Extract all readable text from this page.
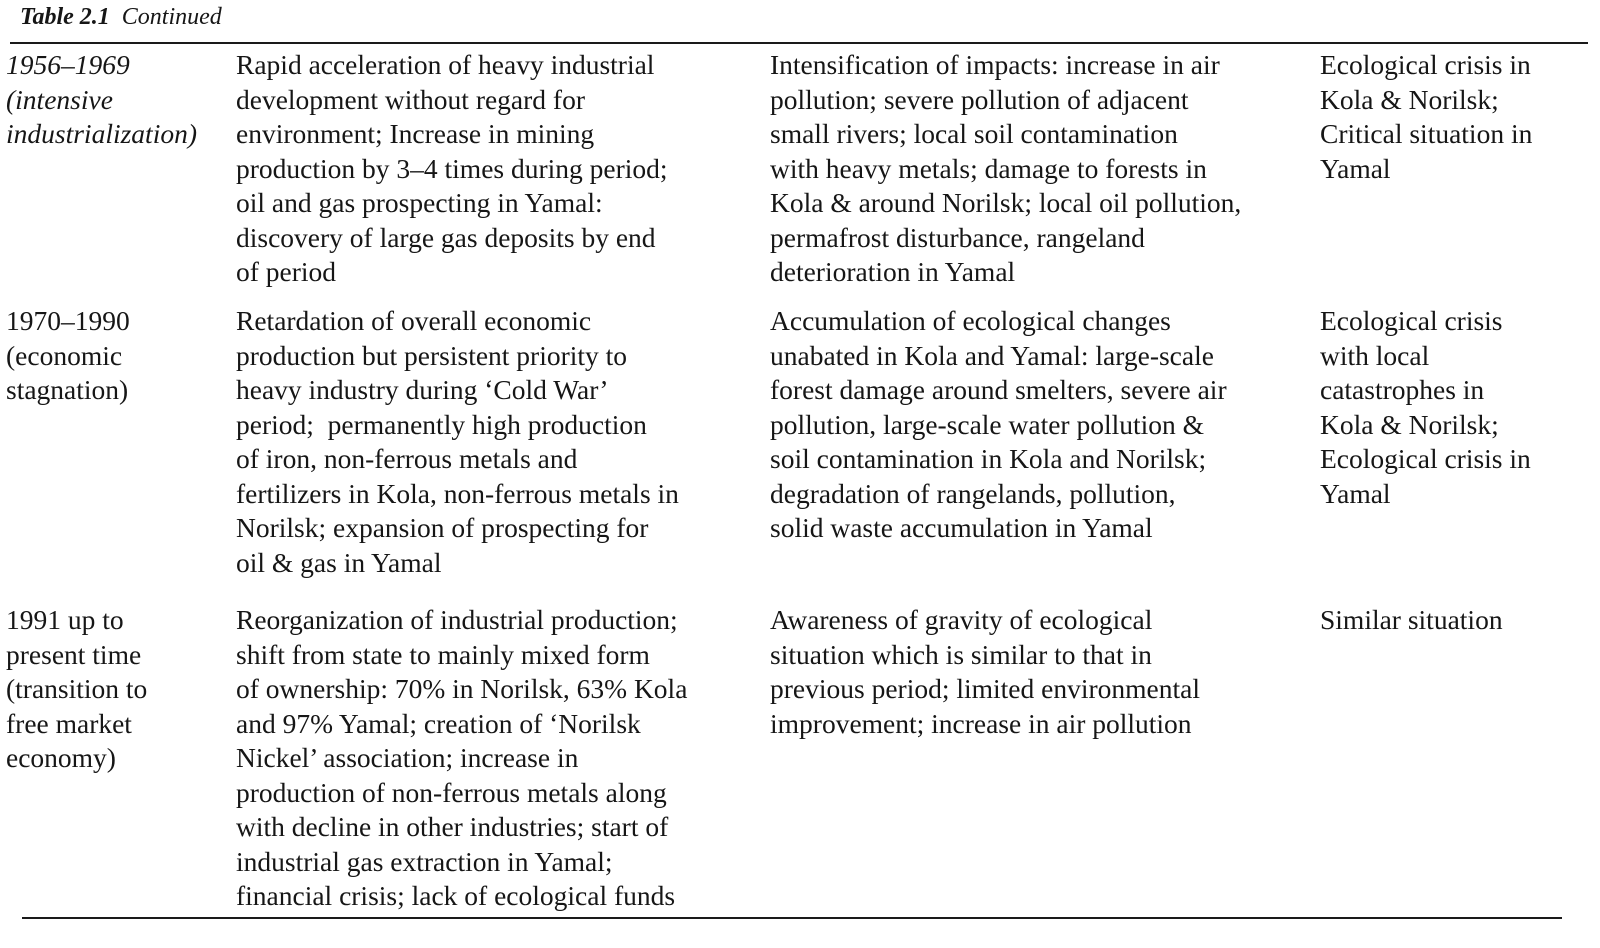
Table 2.1 Continued
1956–1969
(intensive
industrialization)
Rapid acceleration of heavy industrial
development without regard for
environment; Increase in mining
production by 3–4 times during period;
oil and gas prospecting in Yamal:
discovery of large gas deposits by end
of period
Intensification of impacts: increase in air
pollution; severe pollution of adjacent
small rivers; local soil contamination
with heavy metals; damage to forests in
Kola & around Norilsk; local oil pollution,
permafrost disturbance, rangeland
deterioration in Yamal
Ecological crisis in
Kola & Norilsk;
Critical situation in
Yamal
1970–1990
(economic
stagnation)
Retardation of overall economic
production but persistent priority to
heavy industry during ‘Cold War’
period;  permanently high production
of iron, non-ferrous metals and
fertilizers in Kola, non-ferrous metals in
Norilsk; expansion of prospecting for
oil & gas in Yamal
Accumulation of ecological changes
unabated in Kola and Yamal: large-scale
forest damage around smelters, severe air
pollution, large-scale water pollution &
soil contamination in Kola and Norilsk;
degradation of rangelands, pollution,
solid waste accumulation in Yamal
Ecological crisis
with local
catastrophes in
Kola & Norilsk;
Ecological crisis in
Yamal
1991 up to
present time
(transition to
free market
economy)
Reorganization of industrial production;
shift from state to mainly mixed form
of ownership: 70% in Norilsk, 63% Kola
and 97% Yamal; creation of ‘Norilsk
Nickel’ association; increase in
production of non-ferrous metals along
with decline in other industries; start of
industrial gas extraction in Yamal;
financial crisis; lack of ecological funds
Awareness of gravity of ecological
situation which is similar to that in
previous period; limited environmental
improvement; increase in air pollution
Similar situation
